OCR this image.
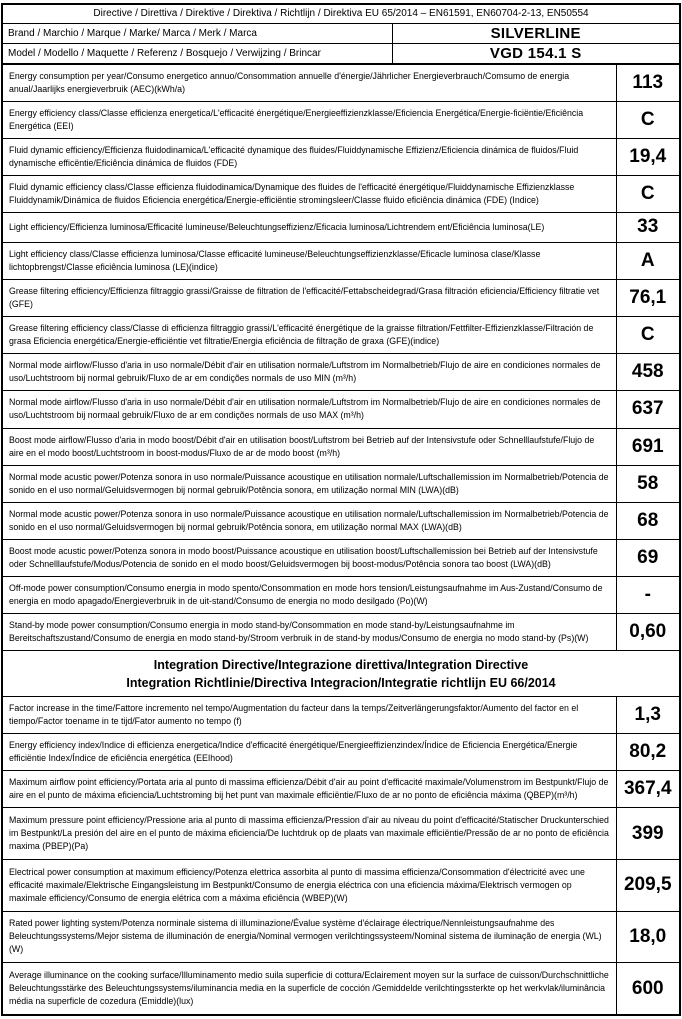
Directive / Direttiva / Direktive / Direktiva / Richtlijn / Direktiva EU 65/2014 – EN61591, EN60704-2-13, EN50554	
Brand / Marchio / Marque / Marke/ Marca / Merk / Marca	SILVERLINE
Model / Modello / Maquette / Referenz / Bosquejo / Verwijzing / Brincar	VGD 154.1 S
Energy consumption per year/Consumo energetico annuo/Consommation annuelle d'énergie/Jährlicher Energieverbrauch/Comsumo de energia anual/Jaarlijks energieverbruik (AEC)(kWh/a)	113
Energy efficiency class/Classe efficienza energetica/L'efficacité énergétique/Energieeffizienzklasse/Eficiencia Energética/Energie-ficiëntie/Eficiência Energética (EEI)	C
Fluid dynamic efficiency/Efficienza fluidodinamica/L'efficacité dynamique des fluides/Fluiddynamische Effizienz/Eficiencia dinámica de fluidos/Fluid dynamische efficëntie/Eficiência dinámica de fluidos (FDE)	19,4
Fluid dynamic efficiency class/Classe efficienza fluidodinamica/Dynamique des fluides de l'efficacité énergétique/Fluiddynamische Effizienzklasse Fluiddynamik/Dinámica de fluidos Eficiencia energética/Energie-efficiëntie stromingsleer/Classe fluido eficiência dinámica (FDE) (Indice)	C
Light efficiency/Efficienza luminosa/Efficacité lumineuse/Beleuchtungseffizienz/Eficacia luminosa/Lichtrendem ent/Eficiência luminosa(LE)	33
Light efficiency class/Classe efficienza luminosa/Classe efficacité lumineuse/Beleuchtungseffizienzklasse/Eficacle luminosa clase/Klasse lichtopbrengst/Classe eficiência luminosa (LE)(indice)	A
Grease filtering efficiency/Efficienza filtraggio grassi/Graisse de filtration de l'efficacité/Fettabscheidegrad/Grasa filtración eficiencia/Efficiency filtratie vet (GFE)	76,1
Grease filtering efficiency class/Classe di efficienza filtraggio grassi/L'efficacité énergétique de la graisse filtration/Fettfilter-Effizienzklasse/Filtración de grasa Eficiencia energética/Energie-efficiëntie vet filtratie/Energia eficiência de filtração de graxa (GFE)(indice)	C
Normal mode airflow/Flusso d'aria in uso normale/Débit d'air en utilisation normale/Luftstrom im Normalbetrieb/Flujo de aire en condiciones normales de uso/Luchtstroom bij normal gebruik/Fluxo de ar em condições normals de uso MIN (m³/h)	458
Normal mode airflow/Flusso d'aria in uso normale/Débit d'air en utilisation normale/Luftstrom im Normalbetrieb/Flujo de aire en condiciones normales de uso/Luchtstroom bij normaal gebruik/Fluxo de ar em condições normals de uso MAX (m³/h)	637
Boost mode airflow/Flusso d'aria in modo boost/Débit d'air en utilisation boost/Luftstrom bei Betrieb auf der Intensivstufe oder Schnelllaufstufe/Flujo de aire en el modo boost/Luchtstroom in boost-modus/Fluxo de ar de modo boost (m³/h)	691
Normal mode acustic power/Potenza sonora in uso normale/Puissance acoustique en utilisation normale/Luftschallemission im Normalbetrieb/Potencia de sonido en el uso normal/Geluidsvermogen bij normal gebruik/Potência sonora, em utilização normal MIN (LWA)(dB)	58
Normal mode acustic power/Potenza sonora in uso normale/Puissance acoustique en utilisation normale/Luftschallemission im Normalbetrieb/Potencia de sonido en el uso normal/Geluidsvermogen bij normal gebruik/Potência sonora, em utilização normal MAX (LWA)(dB)	68
Boost mode acustic power/Potenza sonora in modo boost/Puissance acoustique en utilisation boost/Luftschallemission bei Betrieb auf der Intensivstufe oder Schnelllaufstufe/Modus/Potencia de sonido en el modo boost/Geluidsvermogen bij boost-modus/Potência sonora tao boost (LWA)(dB)	69
Off-mode power consumption/Consumo energia in modo spento/Consommation en mode hors tension/Leistungsaufnahme im Aus-Zustand/Consumo de energia en modo apagado/Energieverbruik in de uit-stand/Consumo de energia no modo desilgado (Po)(W)	-
Stand-by mode power consumption/Consumo energia in modo stand-by/Consommation en mode stand-by/Leistungsaufnahme im Bereitschaftszustand/Consumo de energia en modo stand-by/Stroom verbruik in de stand-by modus/Consumo de energia no modo stand-by (Ps)(W)	0,60

Integration Directive/Integrazione direttiva/Integration Directive
Integration Richtlinie/Directiva Integracion/Integratie richtlijn EU 66/2014	

Factor increase in the time/Fattore incremento nel tempo/Augmentation du facteur dans la temps/Zeitverlängerungsfaktor/Aumento del factor en el tiempo/Factor toename in te tijd/Fator aumento no tempo (f)	1,3
Energy efficiency index/Indice di efficienza energetica/Indice d'efficacité énergétique/Energieeffizienzindex/Índice de Eficiencia Energética/Energie efficiëntie Index/Índice de eficiência energética (EEIhood)	80,2
Maximum airflow point efficiency/Portata aria al punto di massima efficienza/Débit d'air au point d'efficacité maximale/Volumenstrom im Bestpunkt/Flujo de aire en el punto de máxima eficiencia/Luchtstroming bij het punt van maximale efficiëntie/Fluxo de ar no ponto de eficiência máxima (QBEP)(m³/h)	367,4
Maximum pressure point efficiency/Pressione aria al punto di massima efficienza/Pression d'air au niveau du point d'efficacité/Statischer Druckunterschied im Bestpunkt/La presión del aire en el punto de máxima eficiencia/De luchtdruk op de plaats van maximale efficiëntie/Pressão de ar no ponto de eficiência maxima (PBEP)(Pa)	399
Electrical power consumption at maximum efficiency/Potenza elettrica assorbita al punto di massima efficienza/Consommation d'électricité avec une efficacité maximale/Elektrische Eingangsleistung im Bestpunkt/Consumo de energia eléctrica con una eficiencia máxima/Elektrisch vermogen op maximale efficiency/Consumo de energia elétrica com a máxima eficiência (WBEP)(W)	209,5
Rated power lighting system/Potenza norminale sistema di illuminazione/Évalue système d'éclairage électrique/Nennleistungsaufnahme des Beleuchtungssystems/Mejor sistema de illuminación de energia/Nominal vermogen verilchtingssysteem/Nominal sistema de iluminação de energia (WL)(W)	18,0
Average illuminance on the cooking surface/Illuminamento medio suila superficie di cottura/Eclairement moyen sur la surface de cuisson/Durchschnittliche Beleuchtungsstärke des Beleuchtungssystems/iluminancia media en la superficle de cocción /Gemiddelde verilchtingssterkte op het werkvlak/iluminância média na superficle de cozedura (Emiddle)(lux)	600
